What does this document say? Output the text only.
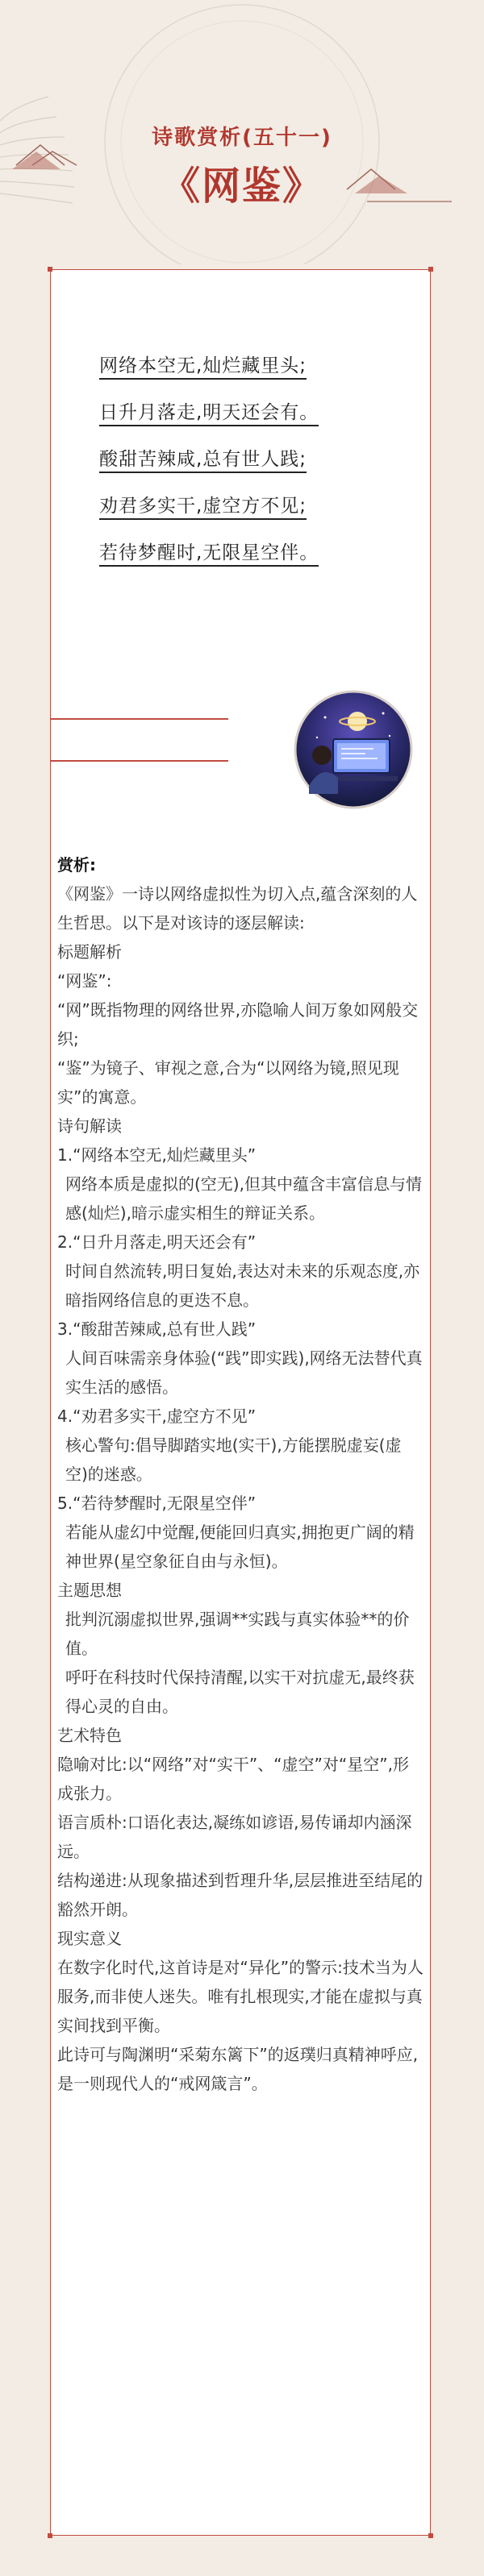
诗歌赏析(五十一)
《网鉴》
网络本空无,灿烂藏里头;
日升月落走,明天还会有。
酸甜苦辣咸,总有世人践;
劝君多实干,虚空方不见;
若待梦醒时,无限星空伴。

赏析:

《网鉴》一诗以网络虚拟性为切入点,蕴含深刻的人生哲思。以下是对该诗的逐层解读:

标题解析

“网鉴”:

“网”既指物理的网络世界,亦隐喻人间万象如网般交织;

“鉴”为镜子、审视之意,合为“以网络为镜,照见现实”的寓意。

诗句解读

1.“网络本空无,灿烂藏里头”

网络本质是虚拟的(空无),但其中蕴含丰富信息与情感(灿烂),暗示虚实相生的辩证关系。

2.“日升月落走,明天还会有”

时间自然流转,明日复始,表达对未来的乐观态度,亦暗指网络信息的更迭不息。

3.“酸甜苦辣咸,总有世人践”

人间百味需亲身体验(“践”即实践),网络无法替代真实生活的感悟。

4.“劝君多实干,虚空方不见”

核心警句:倡导脚踏实地(实干),方能摆脱虚妄(虚空)的迷惑。

5.“若待梦醒时,无限星空伴”

若能从虚幻中觉醒,便能回归真实,拥抱更广阔的精神世界(星空象征自由与永恒)。

主题思想

批判沉溺虚拟世界,强调**实践与真实体验**的价值。

呼吁在科技时代保持清醒,以实干对抗虚无,最终获得心灵的自由。

艺术特色

隐喻对比:以“网络”对“实干”、“虚空”对“星空”,形成张力。

语言质朴:口语化表达,凝练如谚语,易传诵却内涵深远。

结构递进:从现象描述到哲理升华,层层推进至结尾的豁然开朗。

现实意义

在数字化时代,这首诗是对“异化”的警示:技术当为人服务,而非使人迷失。唯有扎根现实,才能在虚拟与真实间找到平衡。

此诗可与陶渊明“采菊东篱下”的返璞归真精神呼应,是一则现代人的“戒网箴言”。
